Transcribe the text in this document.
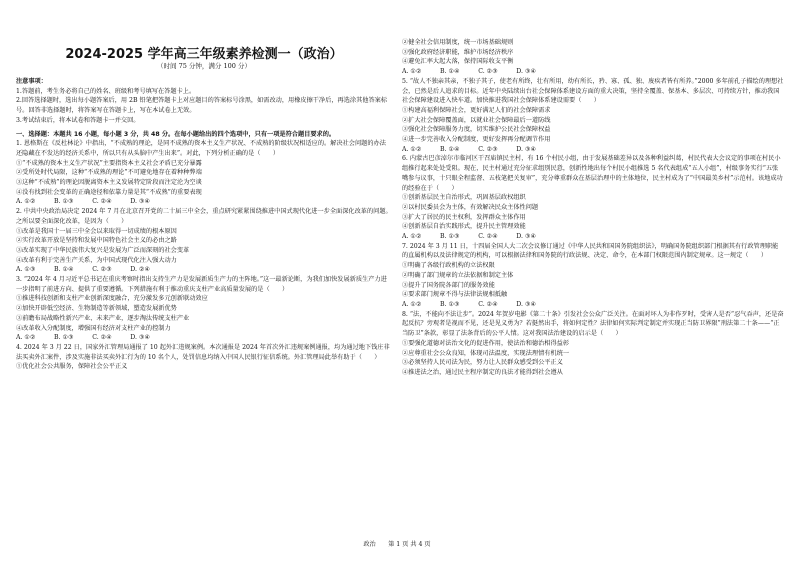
2024-2025 学年高三年级素养检测一（政治）
（时间 75 分钟，满分 100 分）
注意事项：
1.答题前，考生务必将自己的姓名、班级和考号填写在答题卡上。
2.回答选择题时，选出每小题答案后，用 2B 铅笔把答题卡上对应题目的答案标号涂黑，如需改动，用橡皮擦干净后，再选涂其他答案标号。回答非选择题时，将答案写在答题卡上，写在本试卷上无效。
3.考试结束后，将本试卷和答题卡一并交回。
一、选择题：本题共 16 小题，每小题 3 分，共 48 分。在每小题给出的四个选项中，只有一项是符合题目要求的。
1. 恩格斯在《反杜林论》中指出，“不成熟的理论，是同不成熟的资本主义生产状况、不成熟的阶级状况相适应的。解决社会问题的办法还隐藏在不发达的经济关系中，所以只有从头脑中产生出来”。对此，下列分析正确的是（　　）
①“不成熟的资本主义生产状况”主要指资本主义社会矛盾已充分暴露
②受所处时代局限，这种“不成熟的理论”不可避免地存在着种种弊端
③这种“不成熟”的理论因脱离资本主义发展特定阶段而注定沦为空谈
④没有找到社会变革的正确途径和依靠力量是其“不成熟”的重要表现
A. ①②　　　B. ①③　　　C. ②④　　　D. ③④
2. 中共中央政治局决定 2024 年 7 月在北京召开党的二十届三中全会，重点研究紧紧围绕推进中国式现代化进一步全面深化改革的问题。之所以要全面深化改革，是因为（　　）
①改革是我国十一届三中全会以来取得一切成绩的根本原因
②实行改革开放是坚持和发展中国特色社会主义的必由之路
③改革实现了中华民族伟大复兴是发展为广泛而深刻的社会变革
④改革有利于完善生产关系，为中国式现代化注入强大动力
A. ①③　　　B. ①④　　　C. ②③　　　D. ②④
3. “2024 年 4 月习近平总书记在重庆考察时指出支持生产力是发展新质生产力的主阵地。”这一最新论断，为我们加快发展新质生产力进一步指明了前进方向、提供了重要遵循。下列措施有利于推动重庆支柱产业高质量发展的是（　　）
①推进科技创新和支柱产业创新深度融合，充分激发多元创新联动效应
②加快开辟低空经济、生物制造等新领域，塑造发展新优势
③前瞻布局战略性新兴产业、未来产业，逐步淘汰传统支柱产业
④改革收入分配制度，增强国有经济对支柱产业的控制力
A. ①②　　　B. ①③　　　C. ②④　　　D. ③④
4. 2024 年 3 月 22 日，国家外汇管理局通报了 10 起外汇违规案例。本次通报是 2024 年首次外汇违规案例通报，均为通过地下钱庄非法买卖外汇案件，涉及实施非法买卖外汇行为的 10 名个人，处罚信息均纳入中国人民银行征信系统。外汇管理局此举有助于（　　）
①优化社会公共服务，保障社会公平正义
②健全社会信用制度，统一市场基础规则
③强化政府经济职能，维护市场经济秩序
④避免汇率大起大落，保持国际收支平衡
A. ①②　　　B. ①④　　　C. ②③　　　D. ③④
5. “故人不独亲其亲，不独子其子，使老有所终，壮有所用，幼有所长，矜、寡、孤、独、废疾者皆有所养。”2000 多年前孔子描绘的理想社会，已然是后人追求的目标。近年中央陆续出台社会保障体系建设方面的重大决策，坚持全覆盖、保基本、多层次、可持续方针，推动我国社会保障建设进入快车道。加快推进我国社会保障体系建设需要（　　）
①构建高福利保障社会，更好满足人们的社会保障需求
②扩大社会保障覆盖面，以就业社会保障最后一道防线
③强化社会保障服务力度，切实维护公民社会保障权益
④进一步完善收入分配制度，更好发挥再分配调节作用
A. ①②　　　B. ①④　　　C. ②③　　　D. ③④
6. 内蒙古巴彦淖尔市临河区干召庙镇民主村，有 16 个村民小组，由于发展基础差异以及各种利益纠葛，村民代表大会议定的事项在村民小组推行起来处处受阻。现在，民主村通过充分征求组别民意，创新性地出每个村民小组推选 5 名代表组成“五人小组”，村级事务实行“五张嘴参与议事，十只眼全程监督、五枝笔把关复审”，充分尊重群众在基层治理中的主体地位，民主村成为了“中国最美乡村”示范村。该地成功的经验在于（　　）
①创新基层民主自治形式，巩固基层政权组织
②以村民委员会为主体，有效解决民众主体性问题
③扩大了居民的民主权利，发挥群众主体作用
④创新基层自治实践形式，提升民主管理效能
A. ①②　　　B. ①③　　　C. ②④　　　D. ③④
7. 2024 年 3 月 11 日，十四届全国人大二次会议修订通过《中华人民共和国国务院组织法》，明确国务院组织部门根据其有行政管理职能的直属机构以及法律规定的机构，可以根据法律和国务院的行政法规、决定、命令，在本部门权限范围内制定规章。这一规定（　　）
①明确了各级行政机构的立法权限
②明确了部门规章的立法依据和制定主体
③提升了国务院各部门的服务效能
④要求部门规章不得与法律法规相抵触
A. ①②　　　B. ①③　　　C. ②④　　　D. ③④
8. “法，不能向不法让步”。2024 年贺岁电影《第二十条》引发社会公众广泛关注。在面对坏人为非作歹时，受害人是否“忍气吞声，还是奋起反抗？旁观者是视而不见，还是见义勇为？若挺然出手，将如何定性？法律如何实际判定制定并实现正当防卫界限”刑法第二十条——“正当防卫”条款，彰显了法条背后的公平人情。这对我国法治建设的启示是（　　）
①要强化道德对法治文化的促进作用，使法治和德治相得益彰
②应尊重社会公众良知，体现司法温度，实现法理情有机统一
③必须坚持人民司法为民，努力让人民群众感受到公平正义
④推进法之治，通过民主程序制定的良法才能得到社会遵从
政治　　第 1 页 共 4 页
